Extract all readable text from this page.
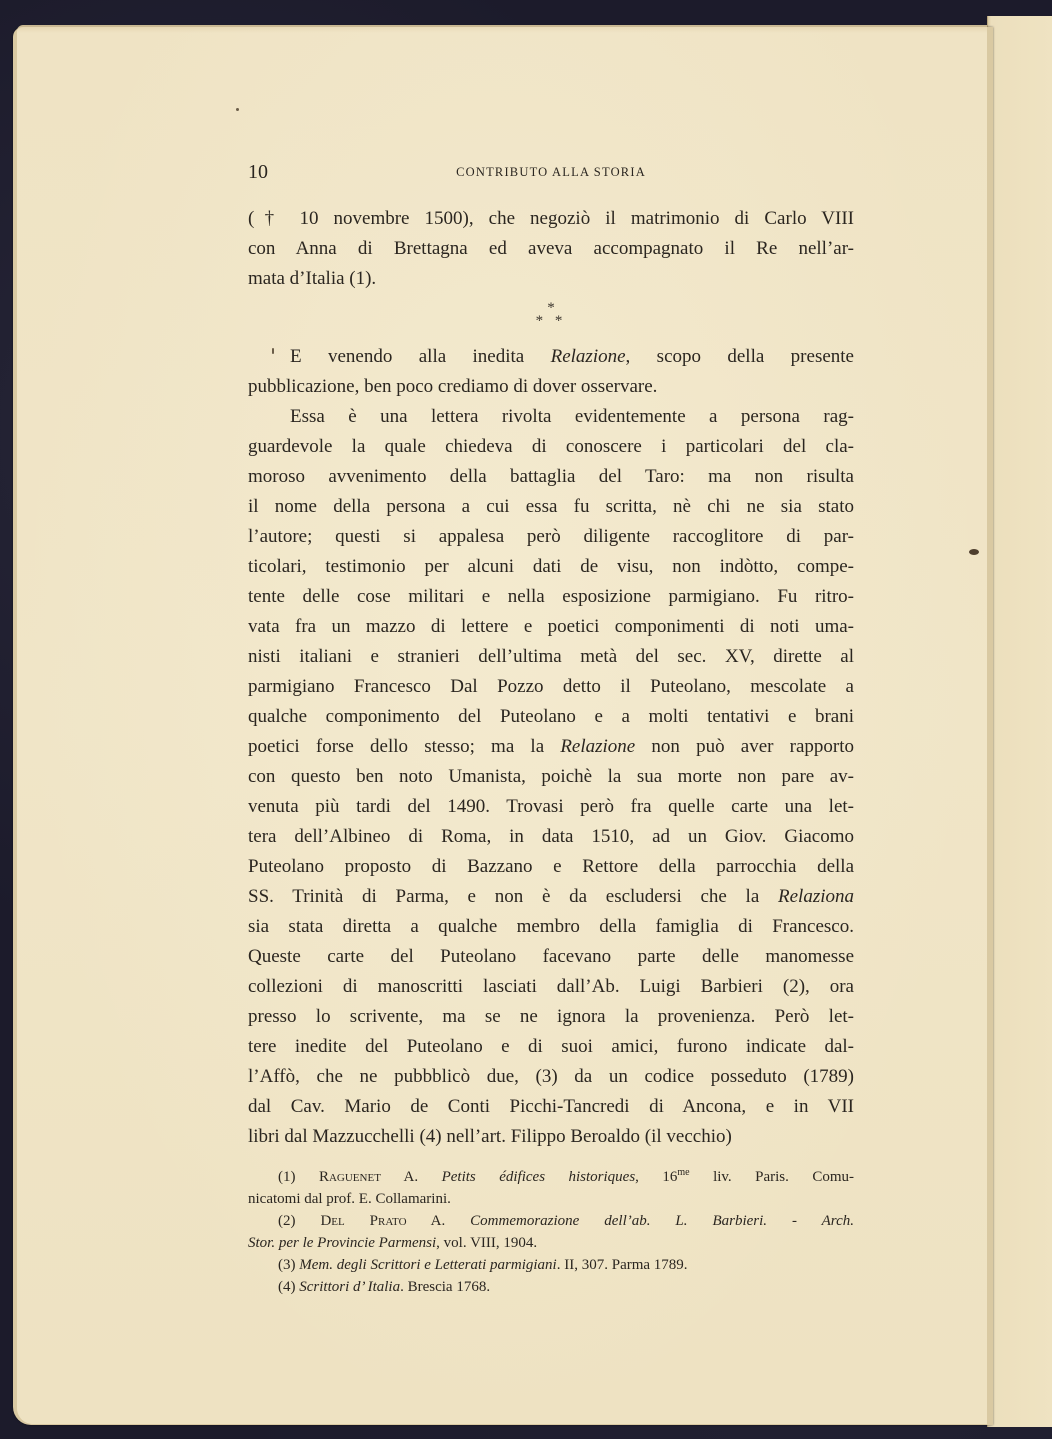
10	CONTRIBUTO ALLA STORIA
(† 10 novembre 1500), che negoziò il matrimonio di Carlo VIII
con Anna di Brettagna ed aveva accompagnato il Re nell’ar-
mata d’Italia (1).
*
* *
E venendo alla inedita Relazione, scopo della presente
pubblicazione, ben poco crediamo di dover osservare.
Essa è una lettera rivolta evidentemente a persona rag-
guardevole la quale chiedeva di conoscere i particolari del cla-
moroso avvenimento della battaglia del Taro: ma non risulta
il nome della persona a cui essa fu scritta, nè chi ne sia stato
l’autore; questi si appalesa però diligente raccoglitore di par-
ticolari, testimonio per alcuni dati de visu, non indòtto, compe-
tente delle cose militari e nella esposizione parmigiano. Fu ritro-
vata fra un mazzo di lettere e poetici componimenti di noti uma-
nisti italiani e stranieri dell’ultima metà del sec. XV, dirette al
parmigiano Francesco Dal Pozzo detto il Puteolano, mescolate a
qualche componimento del Puteolano e a molti tentativi e brani
poetici forse dello stesso; ma la Relazione non può aver rapporto
con questo ben noto Umanista, poichè la sua morte non pare av-
venuta più tardi del 1490. Trovasi però fra quelle carte una let-
tera dell’Albineo di Roma, in data 1510, ad un Giov. Giacomo
Puteolano proposto di Bazzano e Rettore della parrocchia della
SS. Trinità di Parma, e non è da escludersi che la Relaziona
sia stata diretta a qualche membro della famiglia di Francesco.
Queste carte del Puteolano facevano parte delle manomesse
collezioni di manoscritti lasciati dall’Ab. Luigi Barbieri (2), ora
presso lo scrivente, ma se ne ignora la provenienza. Però let-
tere inedite del Puteolano e di suoi amici, furono indicate dal-
l’Affò, che ne pubbblicò due, (3) da un codice posseduto (1789)
dal Cav. Mario de Conti Picchi-Tancredi di Ancona, e in VII
libri dal Mazzucchelli (4) nell’art. Filippo Beroaldo (il vecchio)
(1) Raguenet A. Petits édifices historiques, $16^{me}$ liv. Paris. Comu-
nicatomi dal prof. E. Collamarini.
(2) Del Prato A. Commemorazione dell’ab. L. Barbieri. - Arch.
Stor. per le Provincie Parmensi, vol. VIII, 1904.
(3) Mem. degli Scrittori e Letterati parmigiani. II, 307. Parma 1789.
(4) Scrittori d’ Italia. Brescia 1768.
